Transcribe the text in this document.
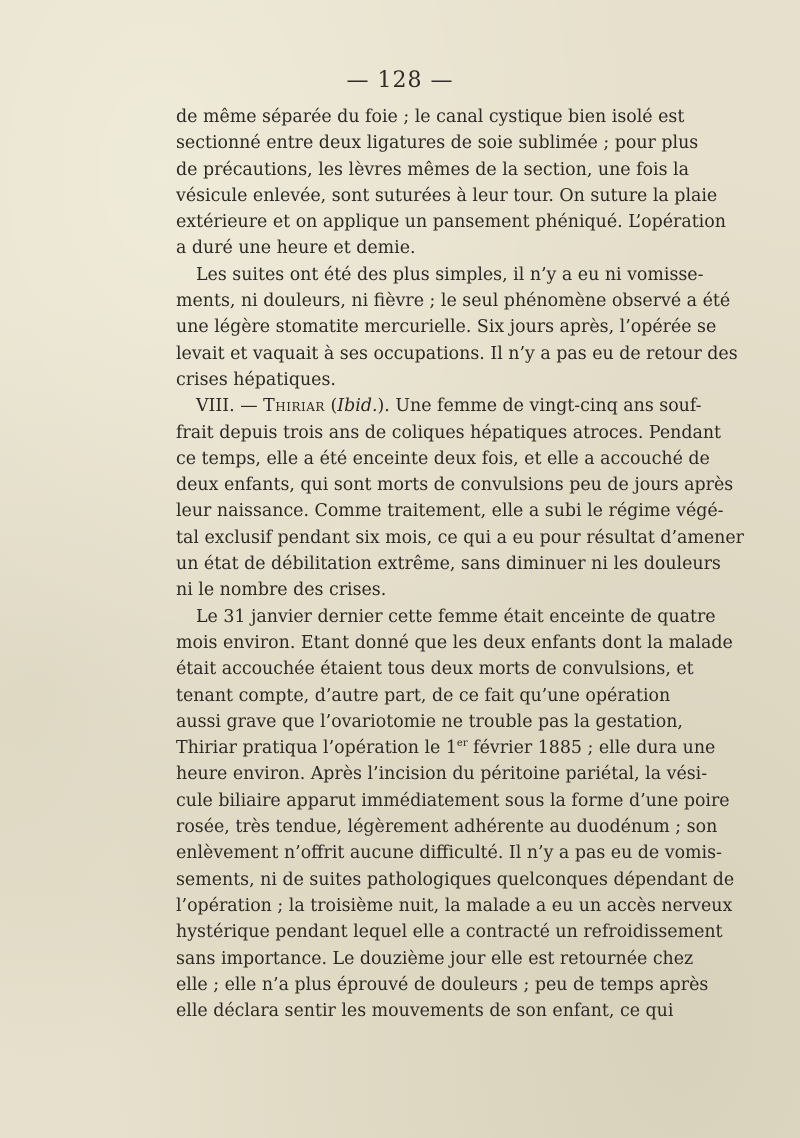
— 128 —
de même séparée du foie ; le canal cystique bien isolé est
sectionné entre deux ligatures de soie sublimée ; pour plus
de précautions, les lèvres mêmes de la section, une fois la
vésicule enlevée, sont suturées à leur tour. On suture la plaie
extérieure et on applique un pansement phéniqué. L’opération
a duré une heure et demie.
Les suites ont été des plus simples, il n’y a eu ni vomisse-
ments, ni douleurs, ni fièvre ; le seul phénomène observé a été
une légère stomatite mercurielle. Six jours après, l’opérée se
levait et vaquait à ses occupations. Il n’y a pas eu de retour des
crises hépatiques.
VIII. — Thiriar (Ibid.). Une femme de vingt-cinq ans souf-
frait depuis trois ans de coliques hépatiques atroces. Pendant
ce temps, elle a été enceinte deux fois, et elle a accouché de
deux enfants, qui sont morts de convulsions peu de jours après
leur naissance. Comme traitement, elle a subi le régime végé-
tal exclusif pendant six mois, ce qui a eu pour résultat d’amener
un état de débilitation extrême, sans diminuer ni les douleurs
ni le nombre des crises.
Le 31 janvier dernier cette femme était enceinte de quatre
mois environ. Etant donné que les deux enfants dont la malade
était accouchée étaient tous deux morts de convulsions, et
tenant compte, d’autre part, de ce fait qu’une opération
aussi grave que l’ovariotomie ne trouble pas la gestation,
Thiriar pratiqua l’opération le 1er février 1885 ; elle dura une
heure environ. Après l’incision du péritoine pariétal, la vési-
cule biliaire apparut immédiatement sous la forme d’une poire
rosée, très tendue, légèrement adhérente au duodénum ; son
enlèvement n’offrit aucune difficulté. Il n’y a pas eu de vomis-
sements, ni de suites pathologiques quelconques dépendant de
l’opération ; la troisième nuit, la malade a eu un accès nerveux
hystérique pendant lequel elle a contracté un refroidissement
sans importance. Le douzième jour elle est retournée chez
elle ; elle n’a plus éprouvé de douleurs ; peu de temps après
elle déclara sentir les mouvements de son enfant, ce qui
